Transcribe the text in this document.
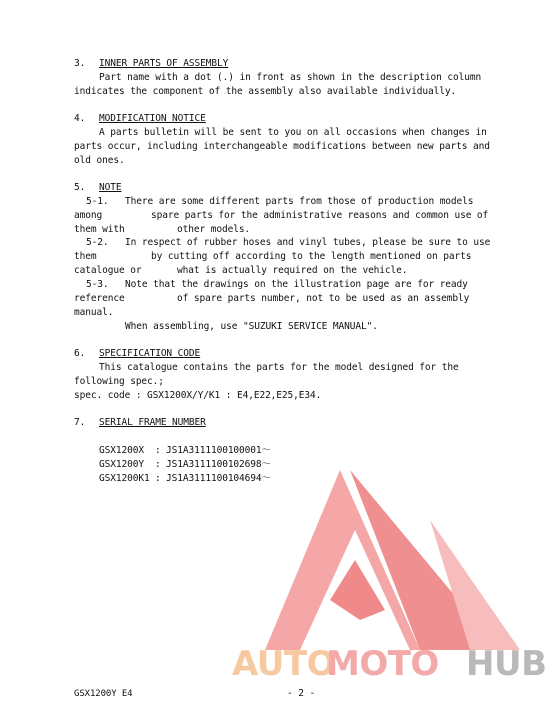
AUTO
MOTO HUB
3. INNER PARTS OF ASSEMBLY
Part name with a dot (.) in front as shown in the description column
indicates the component of the assembly also available individually.
4. MODIFICATION NOTICE
A parts bulletin will be sent to you on all occasions when changes in
parts occur, including interchangeable modifications between new parts and
old ones.
5. NOTE
5-1. There are some different parts from those of production models
among	spare parts for the administrative reasons and common use of
them with	other models.
5-2. In respect of rubber hoses and vinyl tubes, please be sure to use
them	by cutting off according to the length mentioned on parts
catalogue or	what is actually required on the vehicle.
5-3. Note that the drawings on the illustration page are for ready
reference	of spare parts number, not to be used as an assembly
manual.
When assembling, use "SUZUKI SERVICE MANUAL".
6. SPECIFICATION CODE
This catalogue contains the parts for the model designed for the
following spec.;
spec. code : GSX1200X/Y/K1 : E4,E22,E25,E34.
7. SERIAL FRAME NUMBER
GSX1200X : JS1A3111100100001～
GSX1200Y : JS1A3111100102698～
GSX1200K1 : JS1A3111100104694～
GSX1200Y E4	- 2 -
